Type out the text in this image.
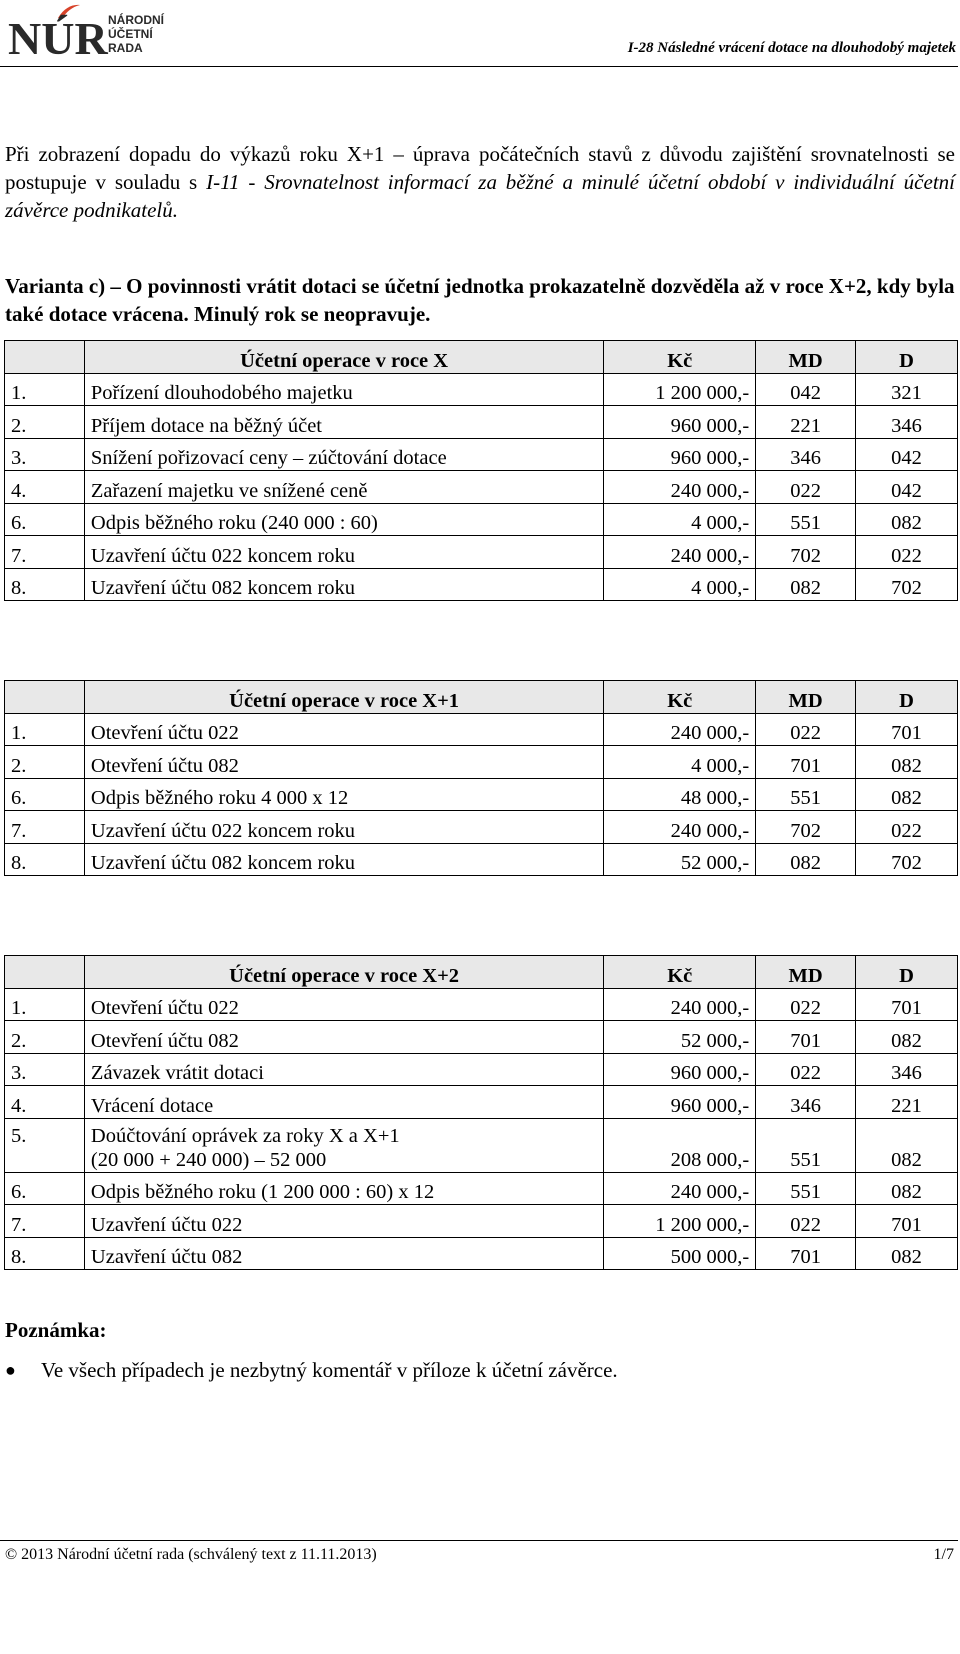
NÚR NÁRODNÍ
ÚČETNÍ
RADA	I-28 Následné vrácení dotace na dlouhodobý majetek
Při zobrazení dopadu do výkazů roku X+1 – úprava počátečních stavů z důvodu zajištění srovnatelnosti se postupuje v souladu s I-11 - Srovnatelnost informací za běžné a minulé účetní období v individuální účetní závěrce podnikatelů.
Varianta c) – O povinnosti vrátit dotaci se účetní jednotka prokazatelně dozvěděla až v roce X+2, kdy byla také dotace vrácena. Minulý rok se neopravuje.
	Účetní operace v roce X	Kč	MD	D
1.	Pořízení dlouhodobého majetku	1 200 000,-	042	321
2.	Příjem dotace na běžný účet	960 000,-	221	346
3.	Snížení pořizovací ceny – zúčtování dotace	960 000,-	346	042
4.	Zařazení majetku ve snížené ceně	240 000,-	022	042
6.	Odpis běžného roku (240 000 : 60)	4 000,-	551	082
7.	Uzavření účtu 022 koncem roku	240 000,-	702	022
8.	Uzavření účtu 082 koncem roku	4 000,-	082	702
	Účetní operace v roce X+1	Kč	MD	D
1.	Otevření účtu 022	240 000,-	022	701
2.	Otevření účtu 082	4 000,-	701	082
6.	Odpis běžného roku 4 000 x 12	48 000,-	551	082
7.	Uzavření účtu 022 koncem roku	240 000,-	702	022
8.	Uzavření účtu 082 koncem roku	52 000,-	082	702
	Účetní operace v roce X+2	Kč	MD	D
1.	Otevření účtu 022	240 000,-	022	701
2.	Otevření účtu 082	52 000,-	701	082
3.	Závazek vrátit dotaci	960 000,-	022	346
4.	Vrácení dotace	960 000,-	346	221
5.	Doúčtování oprávek za roky X a X+1
(20 000 + 240 000) – 52 000	208 000,-	551	082
6.	Odpis běžného roku (1 200 000 : 60) x 12	240 000,-	551	082
7.	Uzavření účtu 022	1 200 000,-	022	701
8.	Uzavření účtu 082	500 000,-	701	082
Poznámka:
●	Ve všech případech je nezbytný komentář v příloze k účetní závěrce.
© 2013 Národní účetní rada (schválený text z 11.11.2013)	1/7
